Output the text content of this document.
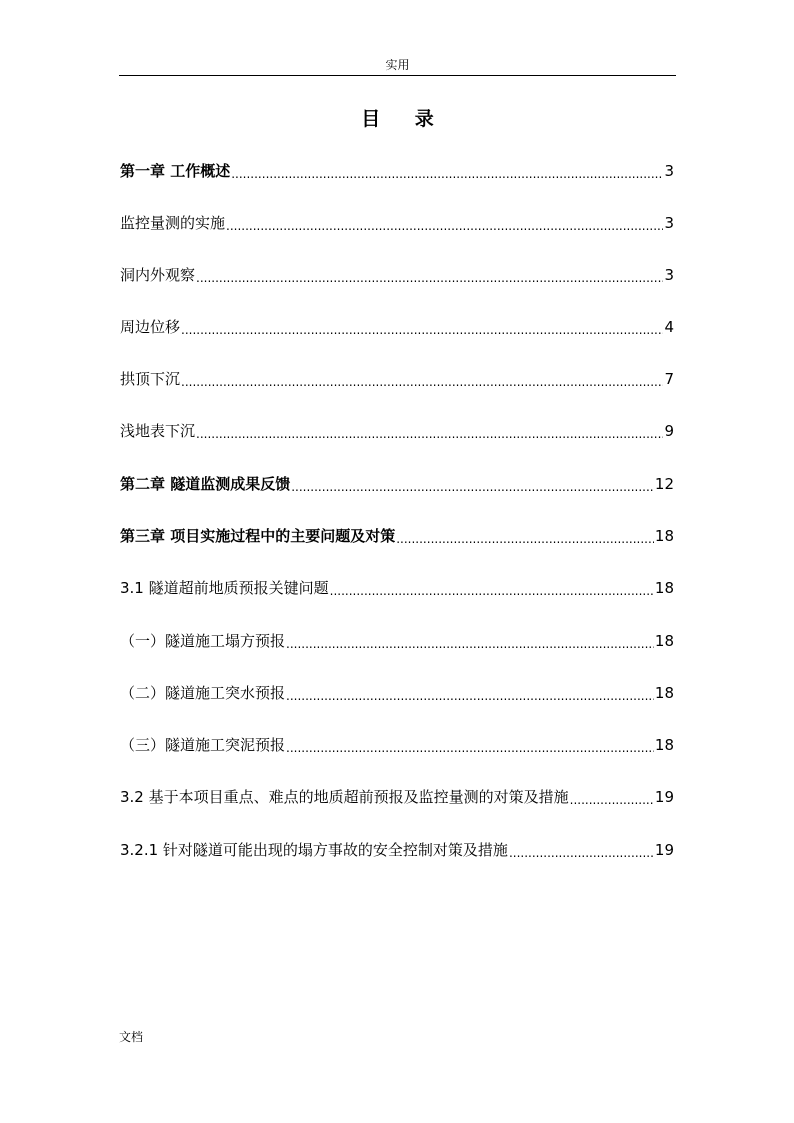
实用
目 录
第一章 工作概述 .....	3
监控量测的实施 .....	3
洞内外观察 .....	3
周边位移 .....	4
拱顶下沉 .....	7
浅地表下沉 .....	9
第二章 隧道监测成果反馈 .....	12
第三章 项目实施过程中的主要问题及对策 .....	18
3.1 隧道超前地质预报关键问题 .....	18
（一）隧道施工塌方预报 .....	18
（二）隧道施工突水预报 .....	18
（三）隧道施工突泥预报 .....	18
3.2 基于本项目重点、难点的地质超前预报及监控量测的对策及措施 .....	19
3.2.1 针对隧道可能出现的塌方事故的安全控制对策及措施 .....	19
文档
